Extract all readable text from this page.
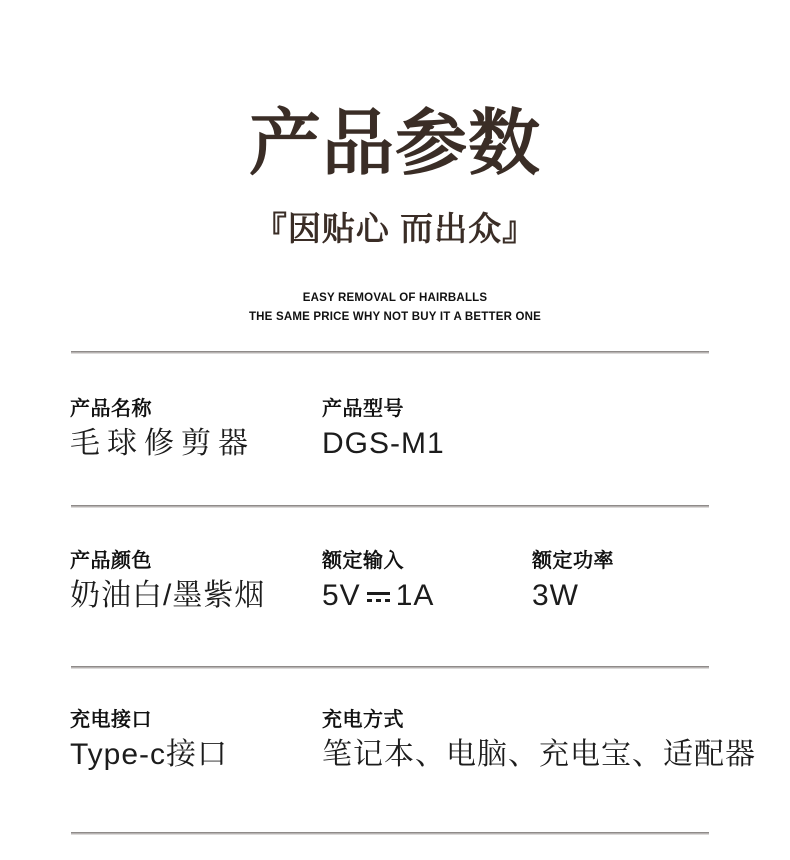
产品参数
『因贴心 而出众』
EASY REMOVAL OF HAIRBALLS
THE SAME PRICE WHY NOT BUY IT A BETTER ONE
产品名称
毛球修剪器
产品型号
DGS-M1
产品颜色
奶油白/墨紫烟
额定输入
5V 1A
额定功率
3W
充电接口
Type-c接口
充电方式
笔记本、电脑、充电宝、适配器
